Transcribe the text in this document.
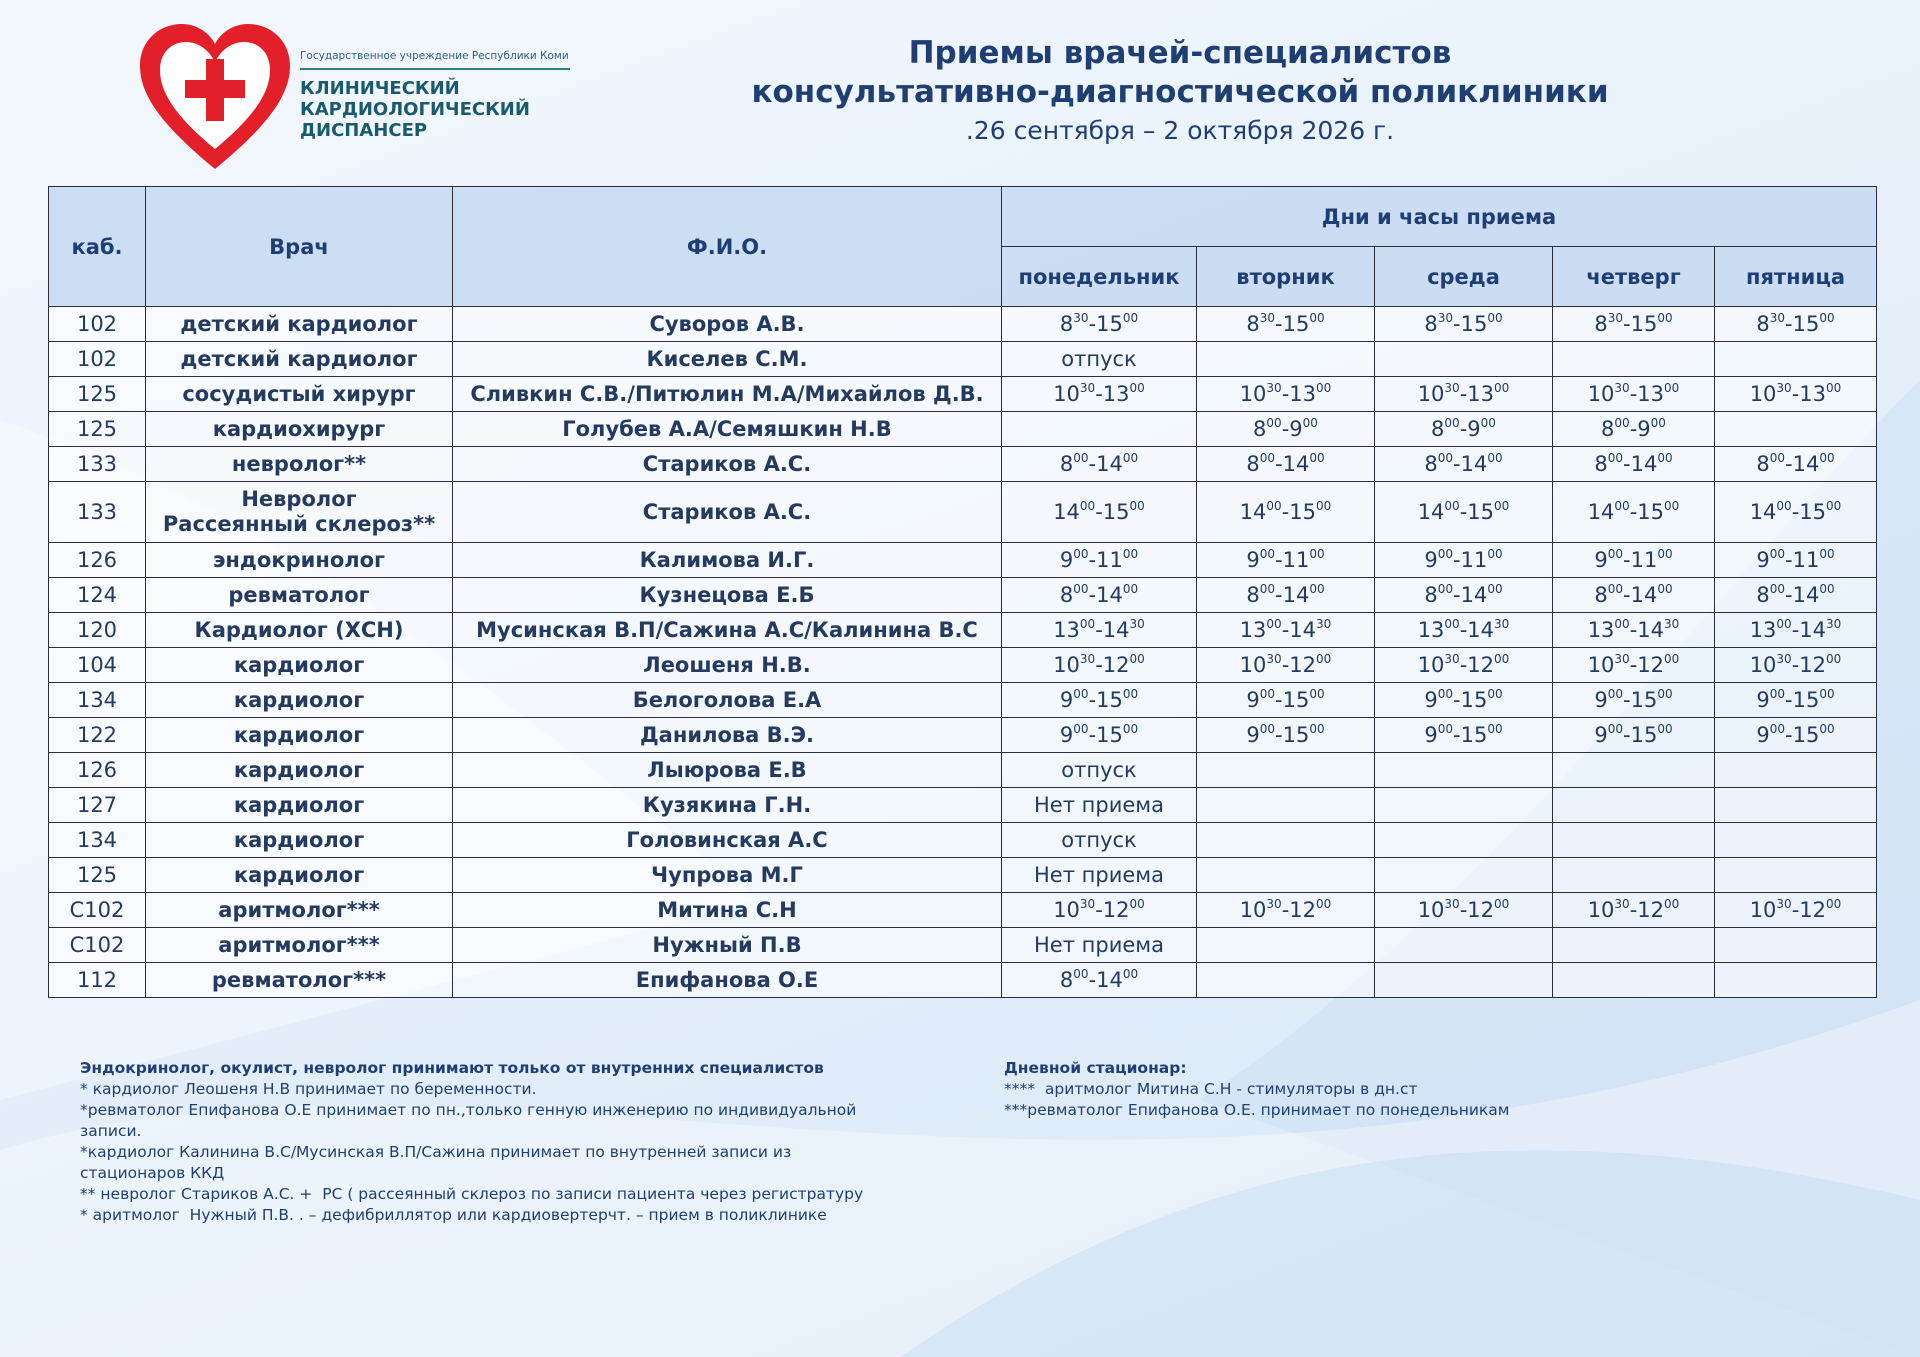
Государственное учреждение Республики Коми
КЛИНИЧЕСКИЙ
КАРДИОЛОГИЧЕСКИЙ
ДИСПАНСЕР
Приемы врачей-специалистов
консультативно-диагностической поликлиники
.26 сентября – 2 октября 2026 г.
каб.	Врач	Ф.И.О.	Дни и часы приема				
			понедельник	вторник	среда	четверг	пятница
102	детский кардиолог	Суворов А.В.	$8^{30}-15^{00}$	$8^{30}-15^{00}$	$8^{30}-15^{00}$	$8^{30}-15^{00}$	$8^{30}-15^{00}$
102	детский кардиолог	Киселев С.М.	отпуск				
125	сосудистый хирург	Сливкин С.В./Питюлин М.А/Михайлов Д.В.	$10^{30}-13^{00}$	$10^{30}-13^{00}$	$10^{30}-13^{00}$	$10^{30}-13^{00}$	$10^{30}-13^{00}$
125	кардиохирург	Голубев А.А/Семяшкин Н.В		$8^{00}-9^{00}$	$8^{00}-9^{00}$	$8^{00}-9^{00}$	
133	невролог**	Стариков А.С.	$8^{00}-14^{00}$	$8^{00}-14^{00}$	$8^{00}-14^{00}$	$8^{00}-14^{00}$	$8^{00}-14^{00}$
133	Невролог
Рассеянный склероз**	Стариков А.С.	$14^{00}-15^{00}$	$14^{00}-15^{00}$	$14^{00}-15^{00}$	$14^{00}-15^{00}$	$14^{00}-15^{00}$
126	эндокринолог	Калимова И.Г.	$9^{00}-11^{00}$	$9^{00}-11^{00}$	$9^{00}-11^{00}$	$9^{00}-11^{00}$	$9^{00}-11^{00}$
124	ревматолог	Кузнецова Е.Б	$8^{00}-14^{00}$	$8^{00}-14^{00}$	$8^{00}-14^{00}$	$8^{00}-14^{00}$	$8^{00}-14^{00}$
120	Кардиолог (ХСН)	Мусинская В.П/Сажина А.С/Калинина В.С	$13^{00}-14^{30}$	$13^{00}-14^{30}$	$13^{00}-14^{30}$	$13^{00}-14^{30}$	$13^{00}-14^{30}$
104	кардиолог	Леошеня Н.В.	$10^{30}-12^{00}$	$10^{30}-12^{00}$	$10^{30}-12^{00}$	$10^{30}-12^{00}$	$10^{30}-12^{00}$
134	кардиолог	Белоголова Е.А	$9^{00}-15^{00}$	$9^{00}-15^{00}$	$9^{00}-15^{00}$	$9^{00}-15^{00}$	$9^{00}-15^{00}$
122	кардиолог	Данилова В.Э.	$9^{00}-15^{00}$	$9^{00}-15^{00}$	$9^{00}-15^{00}$	$9^{00}-15^{00}$	$9^{00}-15^{00}$
126	кардиолог	Лыюрова Е.В	отпуск				
127	кардиолог	Кузякина Г.Н.	Нет приема				
134	кардиолог	Головинская А.С	отпуск				
125	кардиолог	Чупрова М.Г	Нет приема				
С102	аритмолог***	Митина С.Н	$10^{30}-12^{00}$	$10^{30}-12^{00}$	$10^{30}-12^{00}$	$10^{30}-12^{00}$	$10^{30}-12^{00}$
С102	аритмолог***	Нужный П.В	Нет приема				
112	ревматолог***	Епифанова О.Е	$8^{00}-14^{00}$				
Эндокринолог, окулист, невролог принимают только от внутренних специалистов
* кардиолог Леошеня Н.В принимает по беременности.
*ревматолог Епифанова О.Е принимает по пн.,только генную инженерию по индивидуальной записи.
*кардиолог Калинина В.С/Мусинская В.П/Сажина принимает по внутренней записи из стационаров ККД
** невролог Стариков А.С. +  РС ( рассеянный склероз по записи пациента через регистратуру
* аритмолог  Нужный П.В. . – дефибриллятор или кардиовертерчт. – прием в поликлинике
Дневной стационар:
****  аритмолог Митина С.Н - стимуляторы в дн.ст
***ревматолог Епифанова О.Е. принимает по понедельникам
